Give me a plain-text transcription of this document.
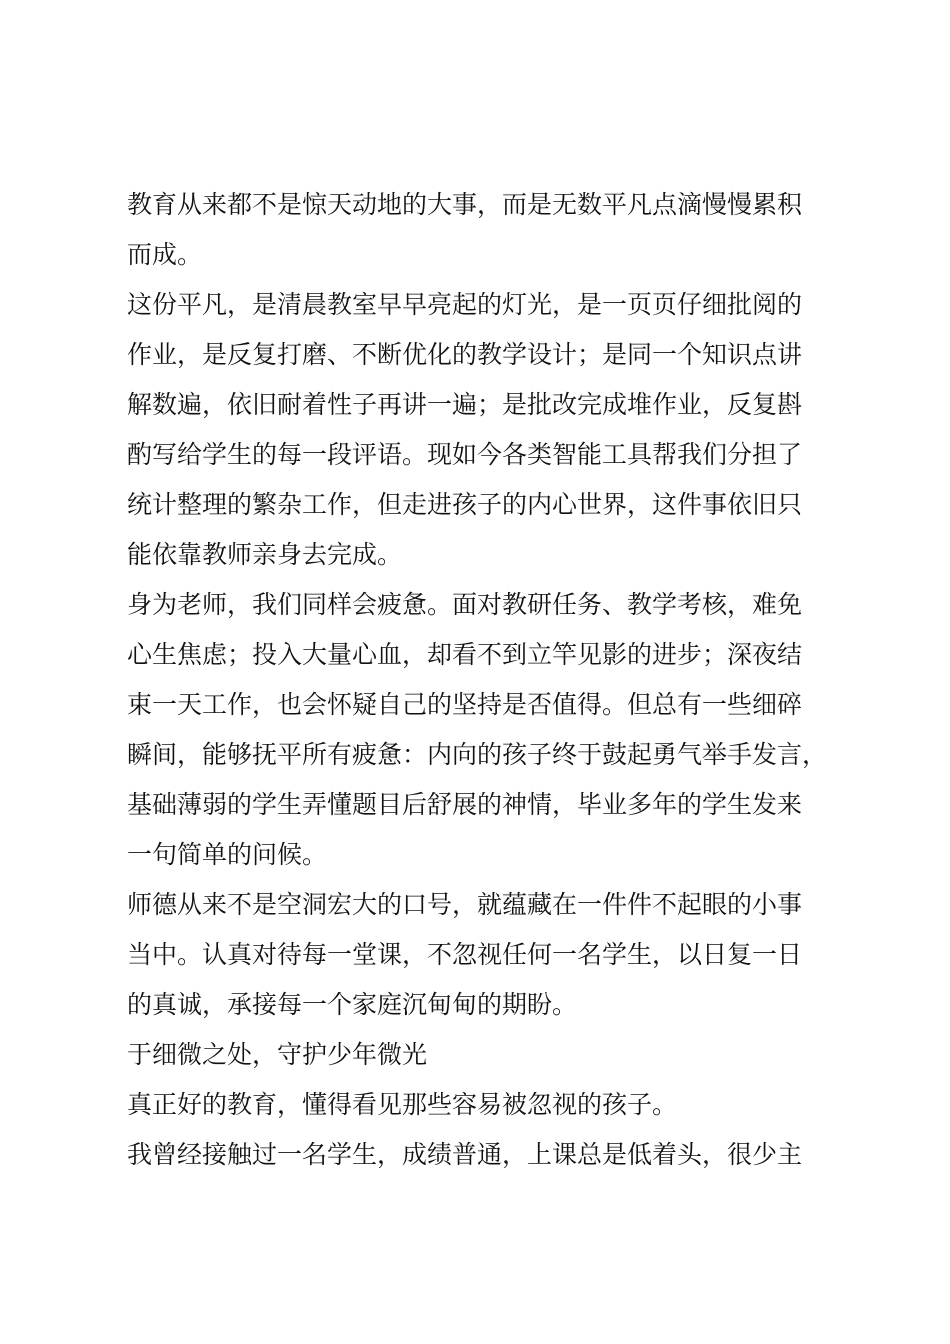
教育从来都不是惊天动地的大事，而是无数平凡点滴慢慢累积
而成。
这份平凡，是清晨教室早早亮起的灯光，是一页页仔细批阅的
作业，是反复打磨、不断优化的教学设计；是同一个知识点讲
解数遍，依旧耐着性子再讲一遍；是批改完成堆作业，反复斟
酌写给学生的每一段评语。现如今各类智能工具帮我们分担了
统计整理的繁杂工作，但走进孩子的内心世界，这件事依旧只
能依靠教师亲身去完成。
身为老师，我们同样会疲惫。面对教研任务、教学考核，难免
心生焦虑；投入大量心血，却看不到立竿见影的进步；深夜结
束一天工作，也会怀疑自己的坚持是否值得。但总有一些细碎
瞬间，能够抚平所有疲惫：内向的孩子终于鼓起勇气举手发言，
基础薄弱的学生弄懂题目后舒展的神情，毕业多年的学生发来
一句简单的问候。
师德从来不是空洞宏大的口号，就蕴藏在一件件不起眼的小事
当中。认真对待每一堂课，不忽视任何一名学生，以日复一日
的真诚，承接每一个家庭沉甸甸的期盼。
于细微之处，守护少年微光
真正好的教育，懂得看见那些容易被忽视的孩子。
我曾经接触过一名学生，成绩普通，上课总是低着头，很少主
